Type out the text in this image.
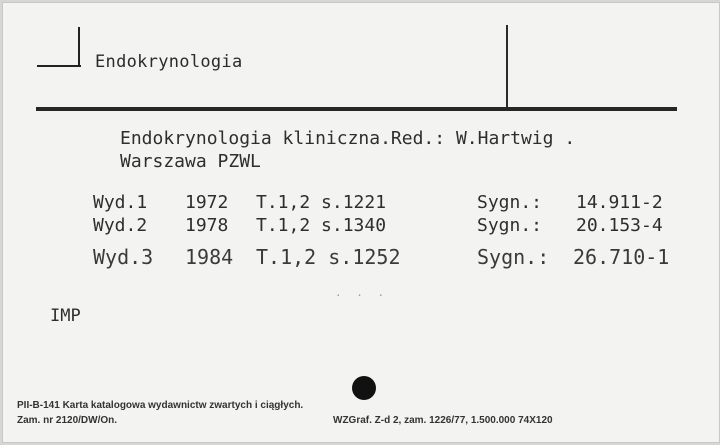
Endokrynologia
Endokrynologia kliniczna.Red.: W.Hartwig .
Warszawa PZWL
Wyd.1 1972 T.1,2 s.1221	Sygn.: 14.911-2
Wyd.2 1978 T.1,2 s.1340	Sygn.: 20.153-4
Wyd.3 1984 T.1,2 s.1252	Sygn.: 26.710-1
· · ·
IMP
PII-B-141 Karta katalogowa wydawnictw zwartych i ciągłych.
Zam. nr 2120/DW/On.	WZGraf. Z-d 2, zam. 1226/77, 1.500.000 74X120
